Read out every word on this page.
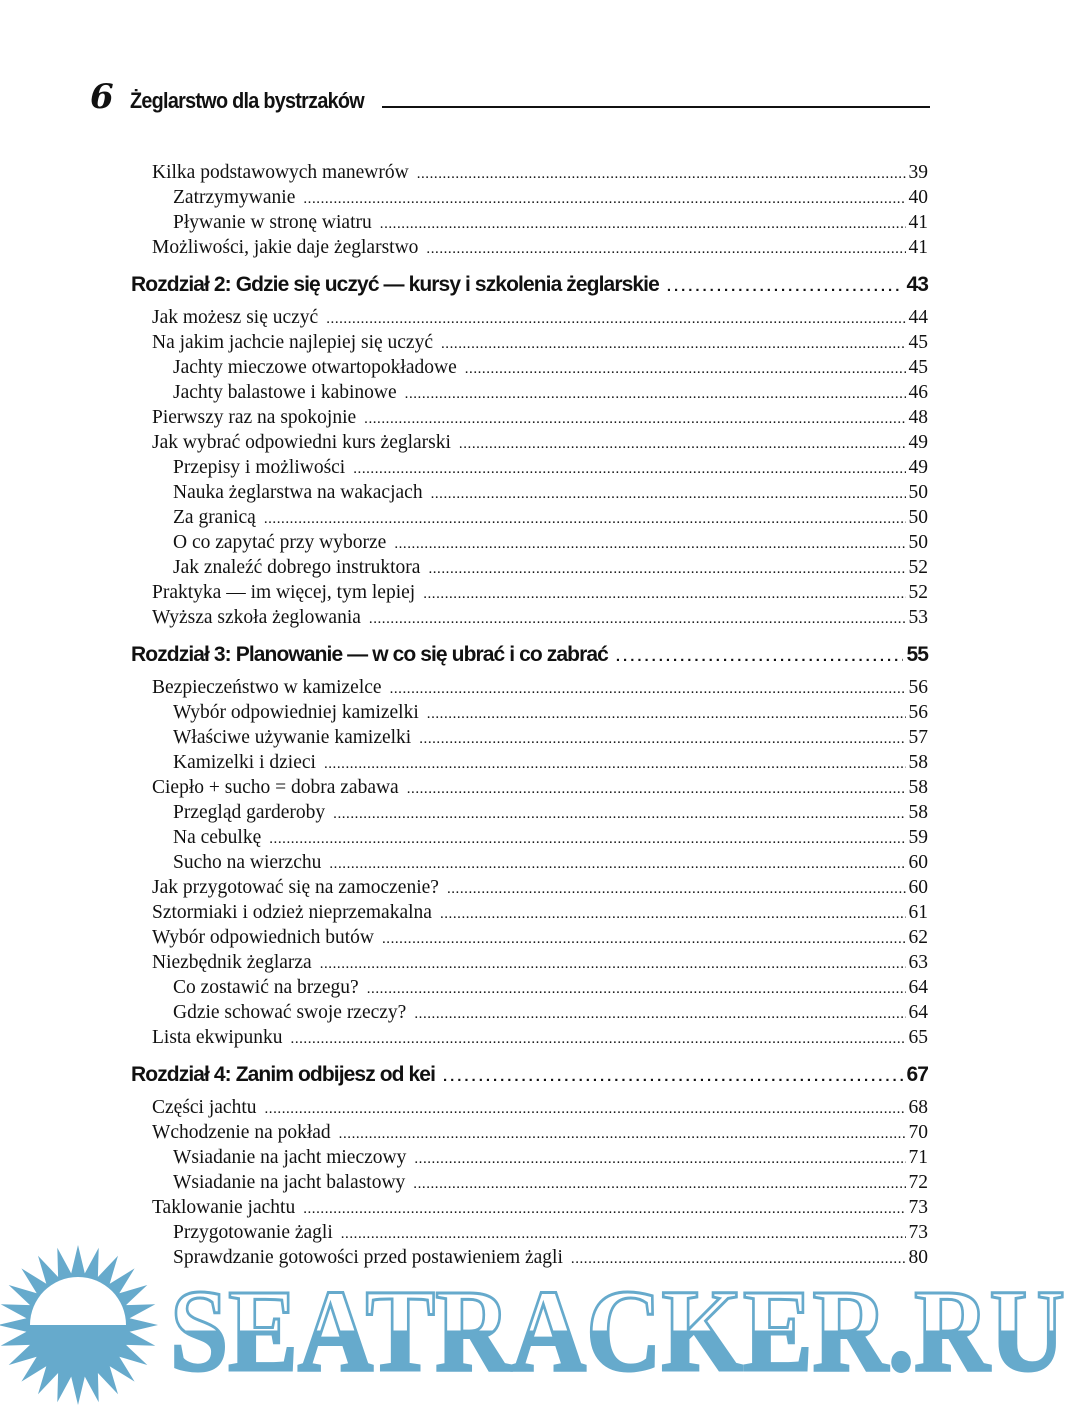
6 Żeglarstwo dla bystrzaków
Kilka podstawowych manewrów . . .	39
Zatrzymywanie . . .	40
Pływanie w stronę wiatru . . .	41
Możliwości, jakie daje żeglarstwo . . .	41
Rozdział 2: Gdzie się uczyć — kursy i szkolenia żeglarskie . . .	43
Jak możesz się uczyć . . .	44
Na jakim jachcie najlepiej się uczyć . . .	45
Jachty mieczowe otwartopokładowe . . .	45
Jachty balastowe i kabinowe . . .	46
Pierwszy raz na spokojnie . . .	48
Jak wybrać odpowiedni kurs żeglarski . . .	49
Przepisy i możliwości . . .	49
Nauka żeglarstwa na wakacjach . . .	50
Za granicą . . .	50
O co zapytać przy wyborze . . .	50
Jak znaleźć dobrego instruktora . . .	52
Praktyka — im więcej, tym lepiej . . .	52
Wyższa szkoła żeglowania . . .	53
Rozdział 3: Planowanie — w co się ubrać i co zabrać . . .	55
Bezpieczeństwo w kamizelce . . .	56
Wybór odpowiedniej kamizelki . . .	56
Właściwe używanie kamizelki . . .	57
Kamizelki i dzieci . . .	58
Ciepło + sucho = dobra zabawa . . .	58
Przegląd garderoby . . .	58
Na cebulkę . . .	59
Sucho na wierzchu . . .	60
Jak przygotować się na zamoczenie? . . .	60
Sztormiaki i odzież nieprzemakalna . . .	61
Wybór odpowiednich butów . . .	62
Niezbędnik żeglarza . . .	63
Co zostawić na brzegu? . . .	64
Gdzie schować swoje rzeczy? . . .	64
Lista ekwipunku . . .	65
Rozdział 4: Zanim odbijesz od kei . . .	67
Części jachtu . . .	68
Wchodzenie na pokład . . .	70
Wsiadanie na jacht mieczowy . . .	71
Wsiadanie na jacht balastowy . . .	72
Taklowanie jachtu . . .	73
Przygotowanie żagli . . .	73
Sprawdzanie gotowości przed postawieniem żagli . . .	80
SEATRACKER.RU
